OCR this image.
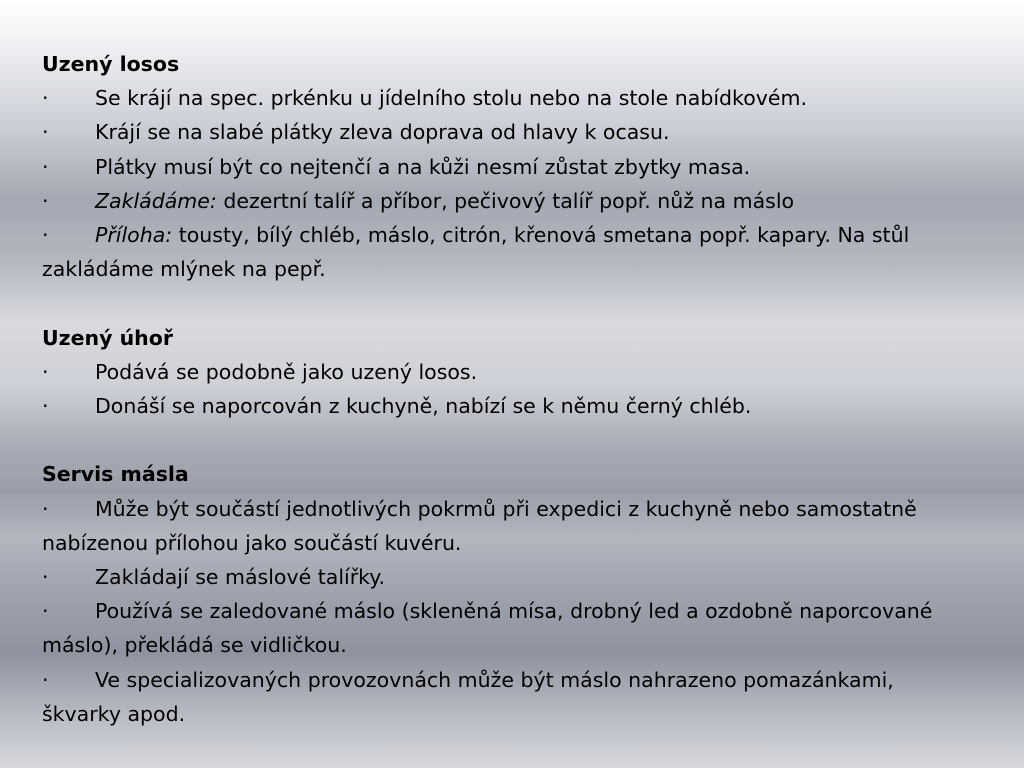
Uzený losos
· Se krájí na spec. prkénku u jídelního stolu nebo na stole nabídkovém.
· Krájí se na slabé plátky zleva doprava od hlavy k ocasu.
· Plátky musí být co nejtenčí a na kůži nesmí zůstat zbytky masa.
· Zakládáme: dezertní talíř a příbor, pečivový talíř popř. nůž na máslo
· Příloha: tousty, bílý chléb, máslo, citrón, křenová smetana popř. kapary. Na stůl zakládáme mlýnek na pepř.
Uzený úhoř
· Podává se podobně jako uzený losos.
· Donáší se naporcován z kuchyně, nabízí se k němu černý chléb.
Servis másla
· Může být součástí jednotlivých pokrmů při expedici z kuchyně nebo samostatně nabízenou přílohou jako součástí kuvéru.
· Zakládají se máslové talířky.
· Používá se zaledované máslo (skleněná mísa, drobný led a ozdobně naporcované máslo), překládá se vidličkou.
· Ve specializovaných provozovnách může být máslo nahrazeno pomazánkami, škvarky apod.
